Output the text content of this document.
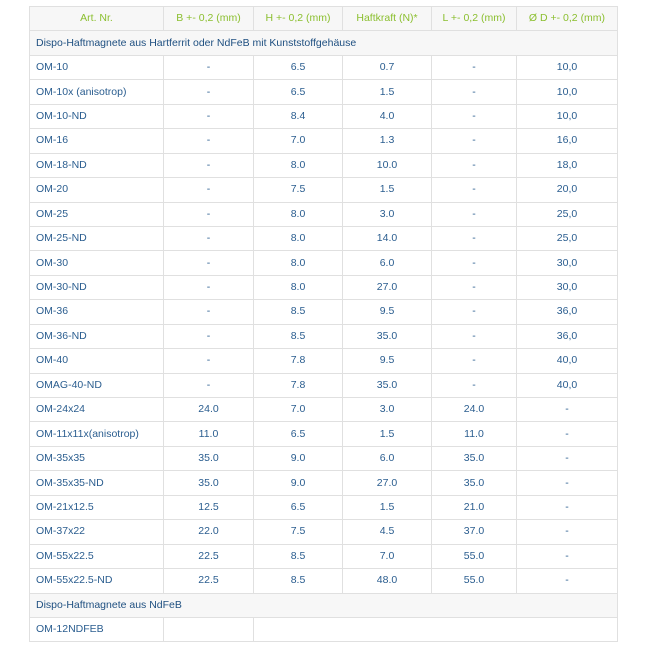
Art. Nr.	B +- 0,2 (mm)	H +- 0,2 (mm)	Haftkraft (N)*	L +- 0,2 (mm)	Ø D +- 0,2 (mm)
Dispo-Haftmagnete aus Hartferrit oder NdFeB mit Kunststoffgehäuse					
OM-10	-	6.5	0.7	-	10,0
OM-10x (anisotrop)	-	6.5	1.5	-	10,0
OM-10-ND	-	8.4	4.0	-	10,0
OM-16	-	7.0	1.3	-	16,0
OM-18-ND	-	8.0	10.0	-	18,0
OM-20	-	7.5	1.5	-	20,0
OM-25	-	8.0	3.0	-	25,0
OM-25-ND	-	8.0	14.0	-	25,0
OM-30	-	8.0	6.0	-	30,0
OM-30-ND	-	8.0	27.0	-	30,0
OM-36	-	8.5	9.5	-	36,0
OM-36-ND	-	8.5	35.0	-	36,0
OM-40	-	7.8	9.5	-	40,0
OMAG-40-ND	-	7.8	35.0	-	40,0
OM-24x24	24.0	7.0	3.0	24.0	-
OM-11x11x(anisotrop)	11.0	6.5	1.5	11.0	-
OM-35x35	35.0	9.0	6.0	35.0	-
OM-35x35-ND	35.0	9.0	27.0	35.0	-
OM-21x12.5	12.5	6.5	1.5	21.0	-
OM-37x22	22.0	7.5	4.5	37.0	-
OM-55x22.5	22.5	8.5	7.0	55.0	-
OM-55x22.5-ND	22.5	8.5	48.0	55.0	-
Dispo-Haftmagnete aus NdFeB					
OM-12NDFEB					
